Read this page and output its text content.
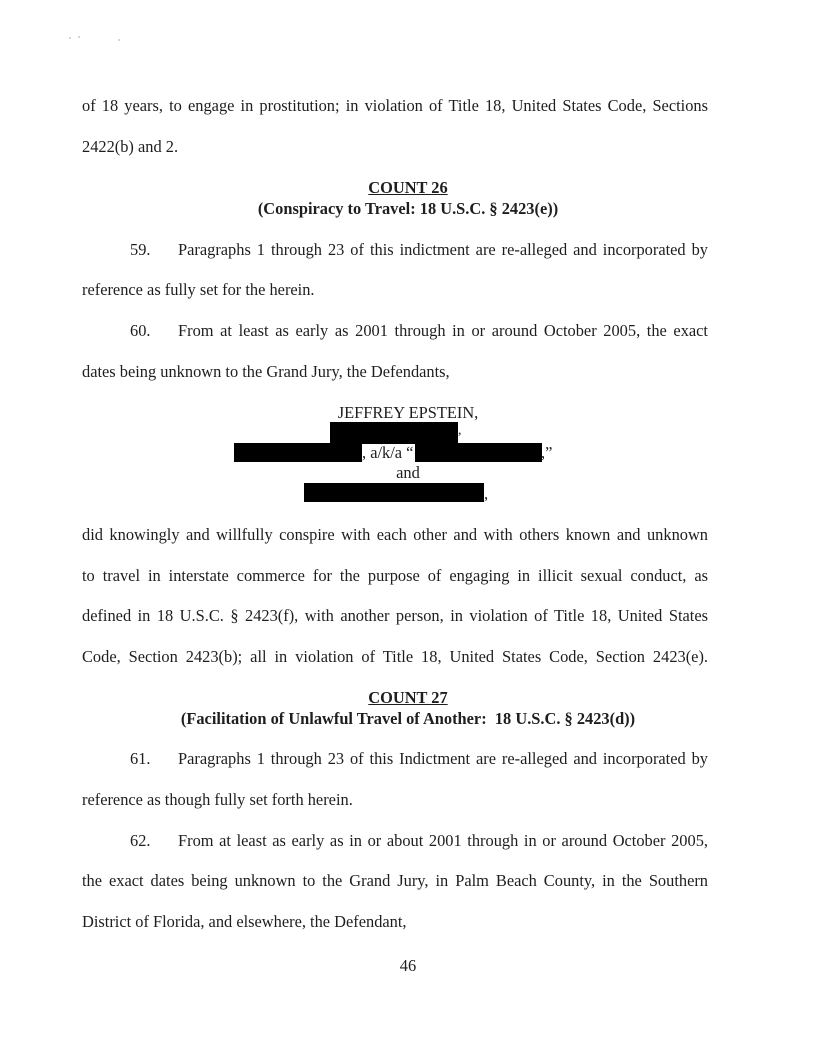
of 18 years, to engage in prostitution; in violation of Title 18, United States Code, Sections
2422(b) and 2.
COUNT 26
(Conspiracy to Travel: 18 U.S.C. § 2423(e))
59. Paragraphs 1 through 23 of this indictment are re-alleged and incorporated by
reference as fully set for the herein.
60. From at least as early as 2001 through in or around October 2005, the exact
dates being unknown to the Grand Jury, the Defendants,
JEFFREY EPSTEIN,
,
, a/k/a “	,”
and
,
did knowingly and willfully conspire with each other and with others known and unknown
to travel in interstate commerce for the purpose of engaging in illicit sexual conduct, as
defined in 18 U.S.C. § 2423(f), with another person, in violation of Title 18, United States
Code, Section 2423(b); all in violation of Title 18, United States Code, Section 2423(e).
COUNT 27
(Facilitation of Unlawful Travel of Another:  18 U.S.C. § 2423(d))
61. Paragraphs 1 through 23 of this Indictment are re-alleged and incorporated by
reference as though fully set forth herein.
62. From at least as early as in or about 2001 through in or around October 2005,
the exact dates being unknown to the Grand Jury, in Palm Beach County, in the Southern
District of Florida, and elsewhere, the Defendant,
46
